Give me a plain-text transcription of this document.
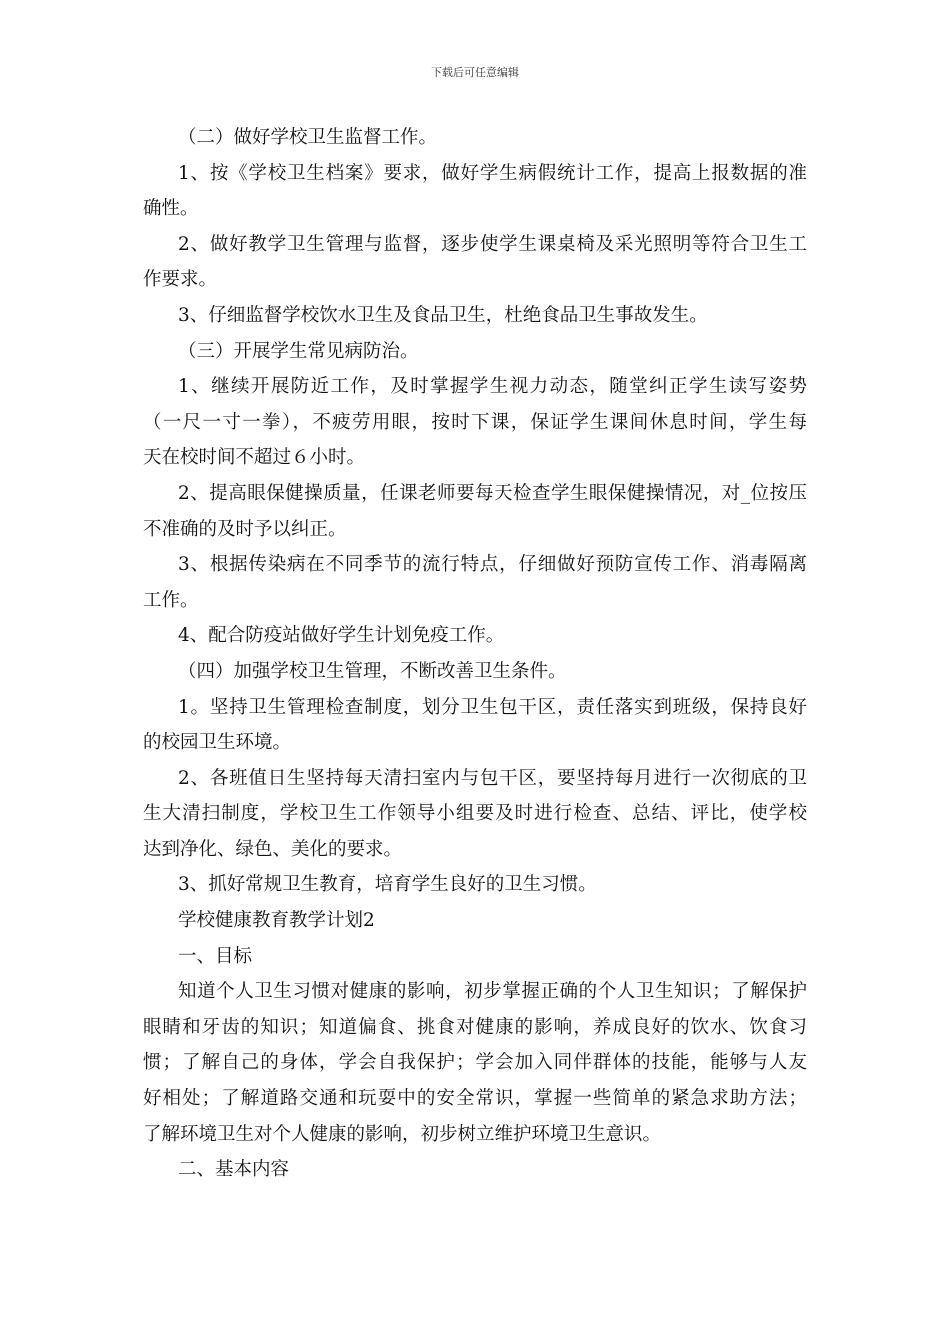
下载后可任意编辑
（二）做好学校卫生监督工作。
1、按《学校卫生档案》要求，做好学生病假统计工作，提高上报数据的准
确性。
2、做好教学卫生管理与监督，逐步使学生课桌椅及采光照明等符合卫生工
作要求。
3、仔细监督学校饮水卫生及食品卫生，杜绝食品卫生事故发生。
（三）开展学生常见病防治。
1、继续开展防近工作，及时掌握学生视力动态，随堂纠正学生读写姿势
（一尺一寸一拳），不疲劳用眼，按时下课，保证学生课间休息时间，学生每
天在校时间不超过６小时。
2、提高眼保健操质量，任课老师要每天检查学生眼保健操情况，对_位按压
不准确的及时予以纠正。
3、根据传染病在不同季节的流行特点，仔细做好预防宣传工作、消毒隔离
工作。
4、配合防疫站做好学生计划免疫工作。
（四）加强学校卫生管理，不断改善卫生条件。
1。坚持卫生管理检查制度，划分卫生包干区，责任落实到班级，保持良好
的校园卫生环境。
2、各班值日生坚持每天清扫室内与包干区，要坚持每月进行一次彻底的卫
生大清扫制度，学校卫生工作领导小组要及时进行检查、总结、评比，使学校
达到净化、绿色、美化的要求。
3、抓好常规卫生教育，培育学生良好的卫生习惯。
学校健康教育教学计划2
一、目标
知道个人卫生习惯对健康的影响，初步掌握正确的个人卫生知识；了解保护
眼睛和牙齿的知识；知道偏食、挑食对健康的影响，养成良好的饮水、饮食习
惯；了解自己的身体，学会自我保护；学会加入同伴群体的技能，能够与人友
好相处；了解道路交通和玩耍中的安全常识，掌握一些简单的紧急求助方法；
了解环境卫生对个人健康的影响，初步树立维护环境卫生意识。
二、基本内容
